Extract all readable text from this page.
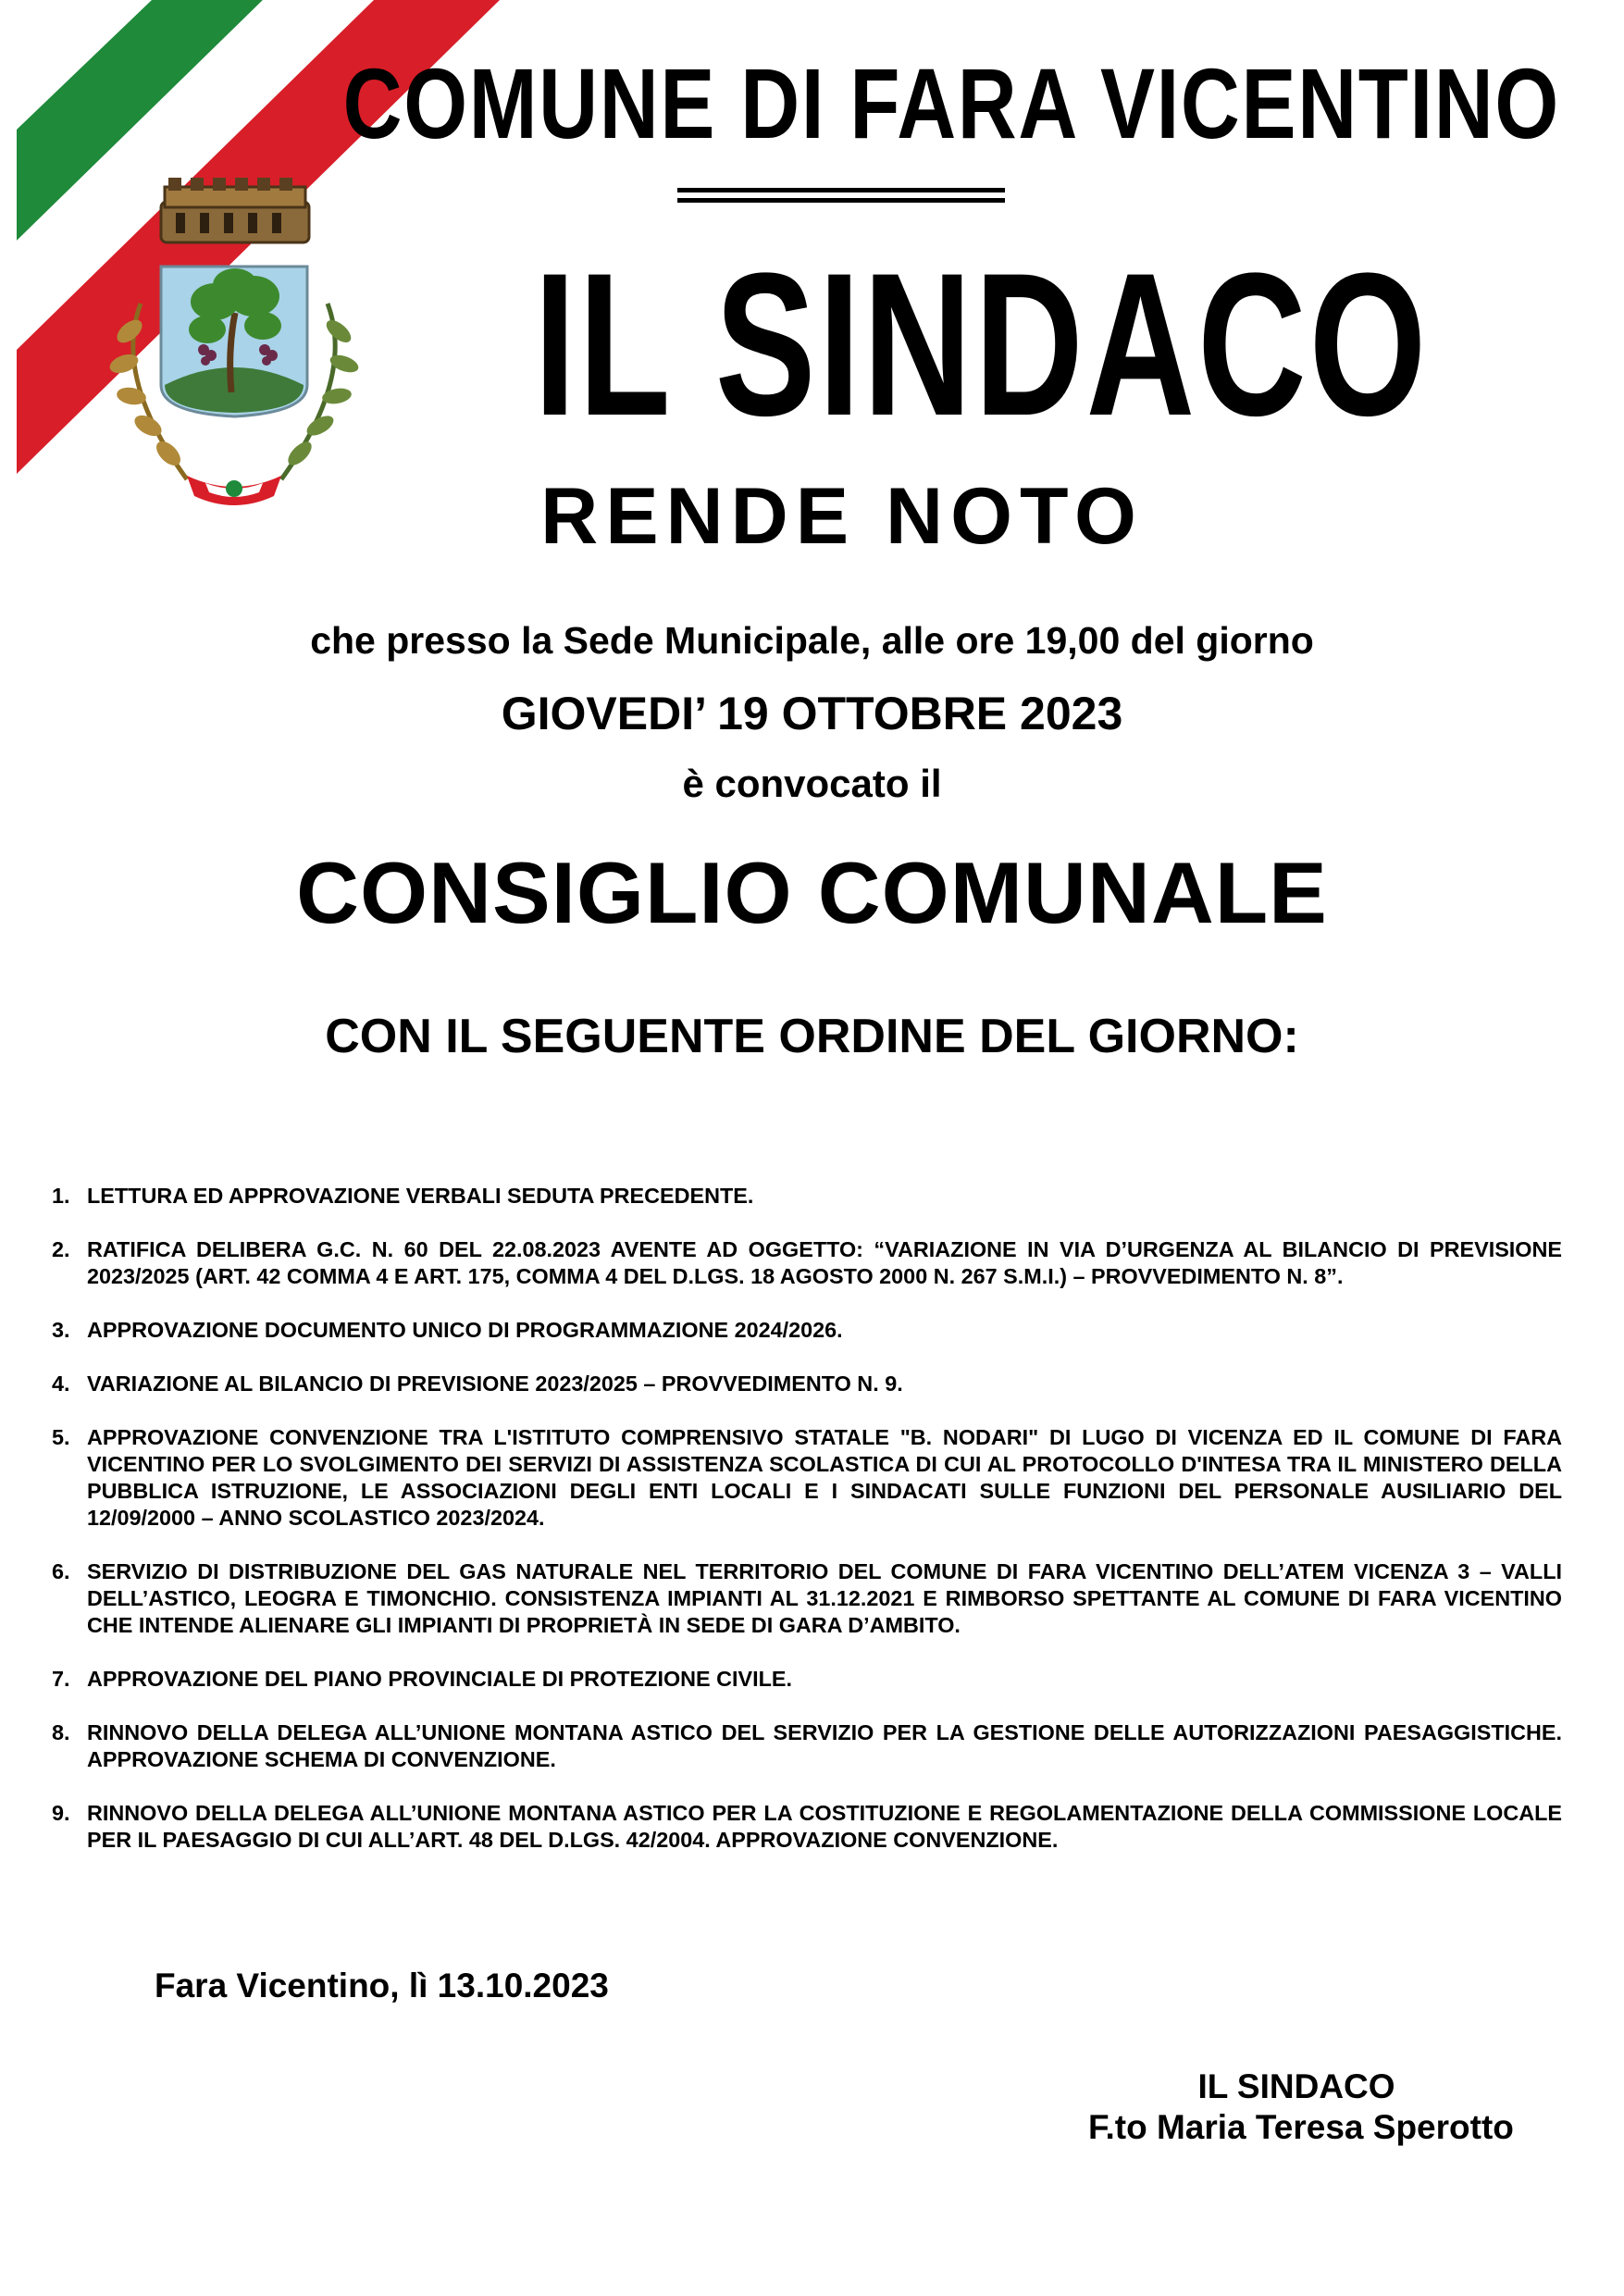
COMUNE DI FARA VICENTINO
IL SINDACO
RENDE NOTO
che presso la Sede Municipale, alle ore 19,00 del giorno
GIOVEDI’ 19 OTTOBRE 2023
è convocato il
CONSIGLIO COMUNALE
CON IL SEGUENTE ORDINE DEL GIORNO:
1. LETTURA ED APPROVAZIONE VERBALI SEDUTA PRECEDENTE.
2. RATIFICA DELIBERA G.C. N. 60 DEL 22.08.2023 AVENTE AD OGGETTO: “VARIAZIONE IN VIA D’URGENZA AL BILANCIO DI PREVISIONE 2023/2025 (ART. 42 COMMA 4 E ART. 175, COMMA 4 DEL D.LGS. 18 AGOSTO 2000 N. 267 S.M.I.) – PROVVEDIMENTO N. 8”.
3. APPROVAZIONE DOCUMENTO UNICO DI PROGRAMMAZIONE 2024/2026.
4. VARIAZIONE AL BILANCIO DI PREVISIONE 2023/2025 – PROVVEDIMENTO N. 9.
5. APPROVAZIONE CONVENZIONE TRA L'ISTITUTO COMPRENSIVO STATALE "B. NODARI" DI LUGO DI VICENZA ED IL COMUNE DI FARA VICENTINO PER LO SVOLGIMENTO DEI SERVIZI DI ASSISTENZA SCOLASTICA DI CUI AL PROTOCOLLO D'INTESA TRA IL MINISTERO DELLA PUBBLICA ISTRUZIONE, LE ASSOCIAZIONI DEGLI ENTI LOCALI E I SINDACATI SULLE FUNZIONI DEL PERSONALE AUSILIARIO DEL 12/09/2000 – ANNO SCOLASTICO 2023/2024.
6. SERVIZIO DI DISTRIBUZIONE DEL GAS NATURALE NEL TERRITORIO DEL COMUNE DI FARA VICENTINO DELL’ATEM VICENZA 3 – VALLI DELL’ASTICO, LEOGRA E TIMONCHIO. CONSISTENZA IMPIANTI AL 31.12.2021 E RIMBORSO SPETTANTE AL COMUNE DI FARA VICENTINO CHE INTENDE ALIENARE GLI IMPIANTI DI PROPRIETÀ IN SEDE DI GARA D’AMBITO.
7. APPROVAZIONE DEL PIANO PROVINCIALE DI PROTEZIONE CIVILE.
8. RINNOVO DELLA DELEGA ALL’UNIONE MONTANA ASTICO DEL SERVIZIO PER LA GESTIONE DELLE AUTORIZZAZIONI PAESAGGISTICHE. APPROVAZIONE SCHEMA DI CONVENZIONE.
9. RINNOVO DELLA DELEGA ALL’UNIONE MONTANA ASTICO PER LA COSTITUZIONE E REGOLAMENTAZIONE DELLA COMMISSIONE LOCALE PER IL PAESAGGIO DI CUI ALL’ART. 48 DEL D.LGS. 42/2004. APPROVAZIONE CONVENZIONE.
Fara Vicentino, lì 13.10.2023
IL SINDACO
F.to Maria Teresa Sperotto
